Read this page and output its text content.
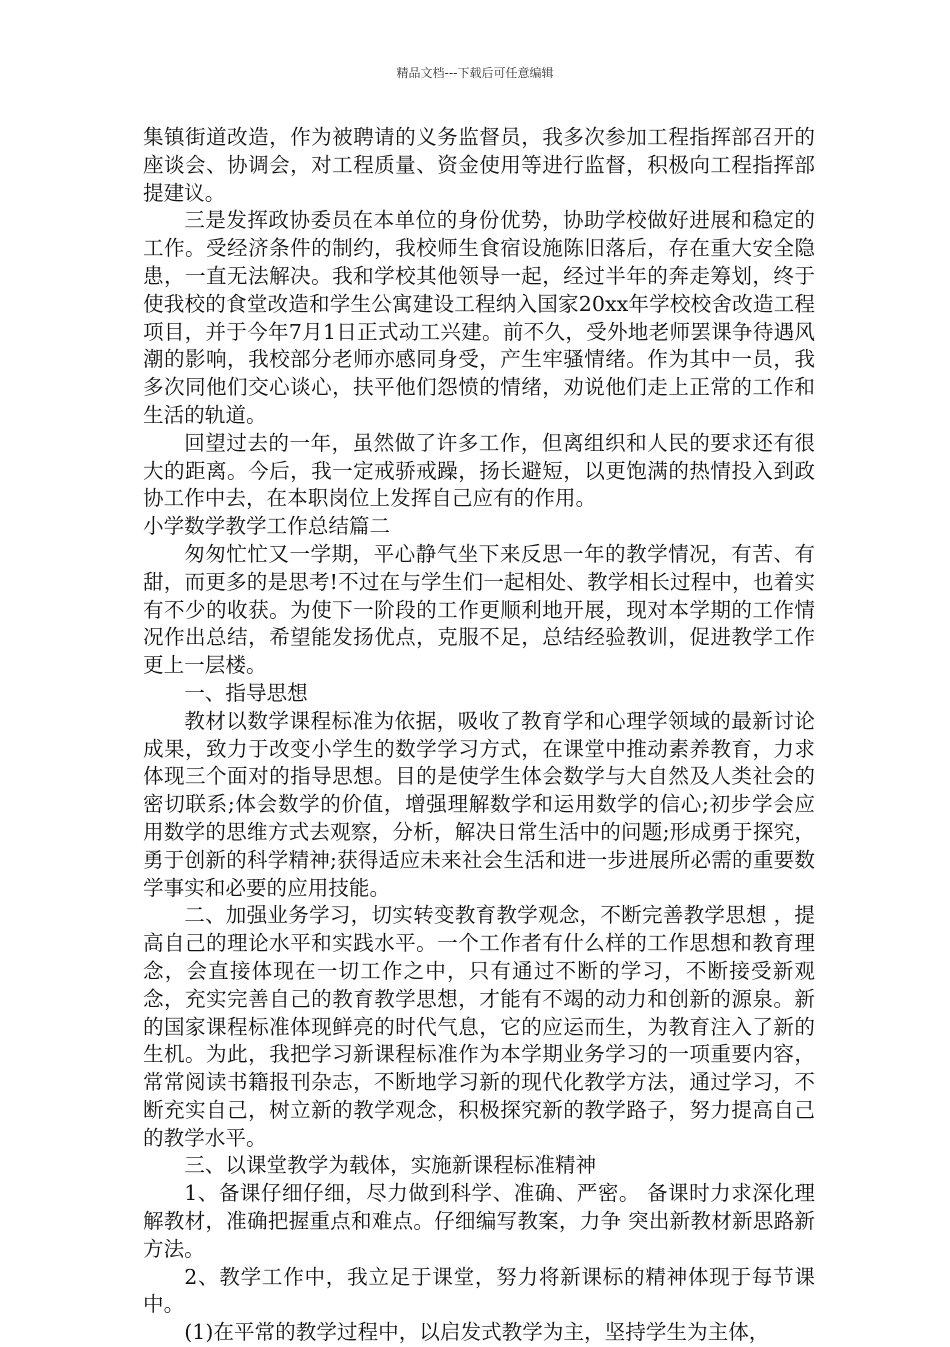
精品文档---下载后可任意编辑

集镇街道改造，作为被聘请的义务监督员，我多次参加工程指挥部召开的座谈会、协调会，对工程质量、资金使用等进行监督，积极向工程指挥部提建议。

三是发挥政协委员在本单位的身份优势，协助学校做好进展和稳定的工作。受经济条件的制约，我校师生食宿设施陈旧落后，存在重大安全隐患，一直无法解决。我和学校其他领导一起，经过半年的奔走筹划，终于使我校的食堂改造和学生公寓建设工程纳入国家20xx年学校校舍改造工程项目，并于今年7月1日正式动工兴建。前不久，受外地老师罢课争待遇风潮的影响，我校部分老师亦感同身受，产生牢骚情绪。作为其中一员，我多次同他们交心谈心，扶平他们怨愤的情绪，劝说他们走上正常的工作和生活的轨道。

回望过去的一年，虽然做了许多工作，但离组织和人民的要求还有很大的距离。今后，我一定戒骄戒躁，扬长避短，以更饱满的热情投入到政协工作中去，在本职岗位上发挥自己应有的作用。

小学数学教学工作总结篇二

匆匆忙忙又一学期，平心静气坐下来反思一年的教学情况，有苦、有甜，而更多的是思考!不过在与学生们一起相处、教学相长过程中，也着实有不少的收获。为使下一阶段的工作更顺利地开展，现对本学期的工作情况作出总结，希望能发扬优点，克服不足，总结经验教训，促进教学工作更上一层楼。

一、指导思想

教材以数学课程标准为依据，吸收了教育学和心理学领域的最新讨论成果，致力于改变小学生的数学学习方式，在课堂中推动素养教育，力求体现三个面对的指导思想。目的是使学生体会数学与大自然及人类社会的密切联系;体会数学的价值，增强理解数学和运用数学的信心;初步学会应用数学的思维方式去观察，分析，解决日常生活中的问题;形成勇于探究，勇于创新的科学精神;获得适应未来社会生活和进一步进展所必需的重要数学事实和必要的应用技能。

二、加强业务学习，切实转变教育教学观念，不断完善教学思想 ，提高自己的理论水平和实践水平。一个工作者有什么样的工作思想和教育理念，会直接体现在一切工作之中，只有通过不断的学习，不断接受新观念，充实完善自己的教育教学思想，才能有不竭的动力和创新的源泉。新的国家课程标准体现鲜亮的时代气息，它的应运而生，为教育注入了新的生机。为此，我把学习新课程标准作为本学期业务学习的一项重要内容，常常阅读书籍报刊杂志，不断地学习新的现代化教学方法，通过学习，不断充实自己，树立新的教学观念，积极探究新的教学路子，努力提高自己的教学水平。

三、以课堂教学为载体，实施新课程标准精神

1、备课仔细仔细，尽力做到科学、准确、严密。 备课时力求深化理解教材，准确把握重点和难点。仔细编写教案，力争 突出新教材新思路新方法。

2、教学工作中，我立足于课堂，努力将新课标的精神体现于每节课中。

(1)在平常的教学过程中，以启发式教学为主，坚持学生为主体，
